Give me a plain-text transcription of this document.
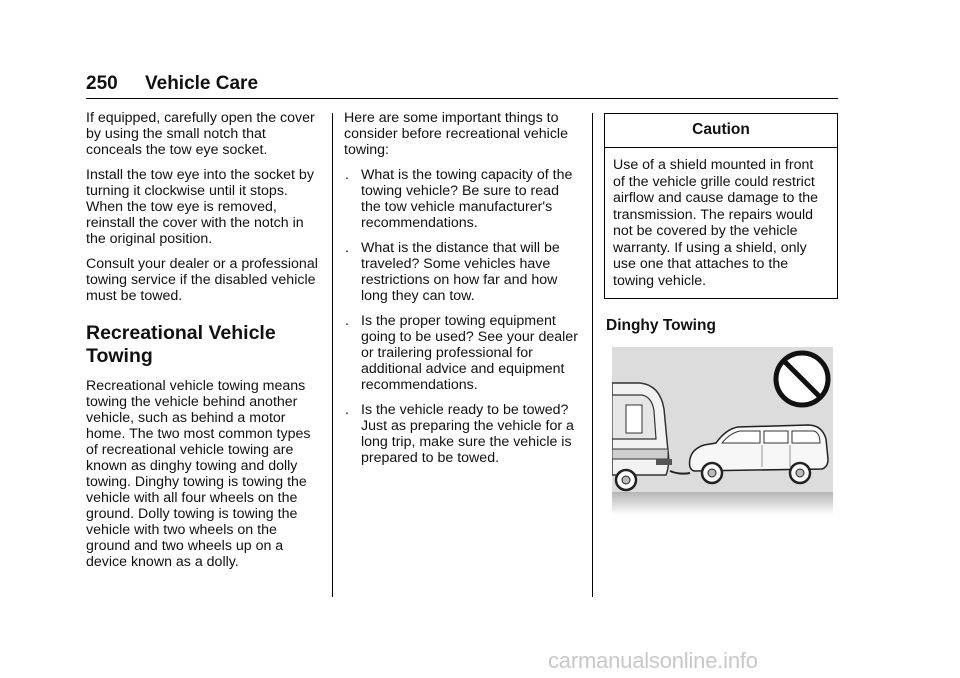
250 Vehicle Care

If equipped, carefully open the cover by using the small notch that conceals the tow eye socket.

Install the tow eye into the socket by turning it clockwise until it stops. When the tow eye is removed, reinstall the cover with the notch in the original position.

Consult your dealer or a professional towing service if the disabled vehicle must be towed.

Recreational Vehicle Towing

Recreational vehicle towing means towing the vehicle behind another vehicle, such as behind a motor home. The two most common types of recreational vehicle towing are known as dinghy towing and dolly towing. Dinghy towing is towing the vehicle with all four wheels on the ground. Dolly towing is towing the vehicle with two wheels on the ground and two wheels up on a device known as a dolly.

Here are some important things to consider before recreational vehicle towing:

. What is the towing capacity of the towing vehicle? Be sure to read the tow vehicle manufacturer's recommendations.
. What is the distance that will be traveled? Some vehicles have restrictions on how far and how long they can tow.
. Is the proper towing equipment going to be used? See your dealer or trailering professional for additional advice and equipment recommendations.
. Is the vehicle ready to be towed? Just as preparing the vehicle for a long trip, make sure the vehicle is prepared to be towed.
Caution
Use of a shield mounted in front of the vehicle grille could restrict airflow and cause damage to the transmission. The repairs would not be covered by the vehicle warranty. If using a shield, only use one that attaches to the towing vehicle.
Dinghy Towing
carmanualsonline.info
